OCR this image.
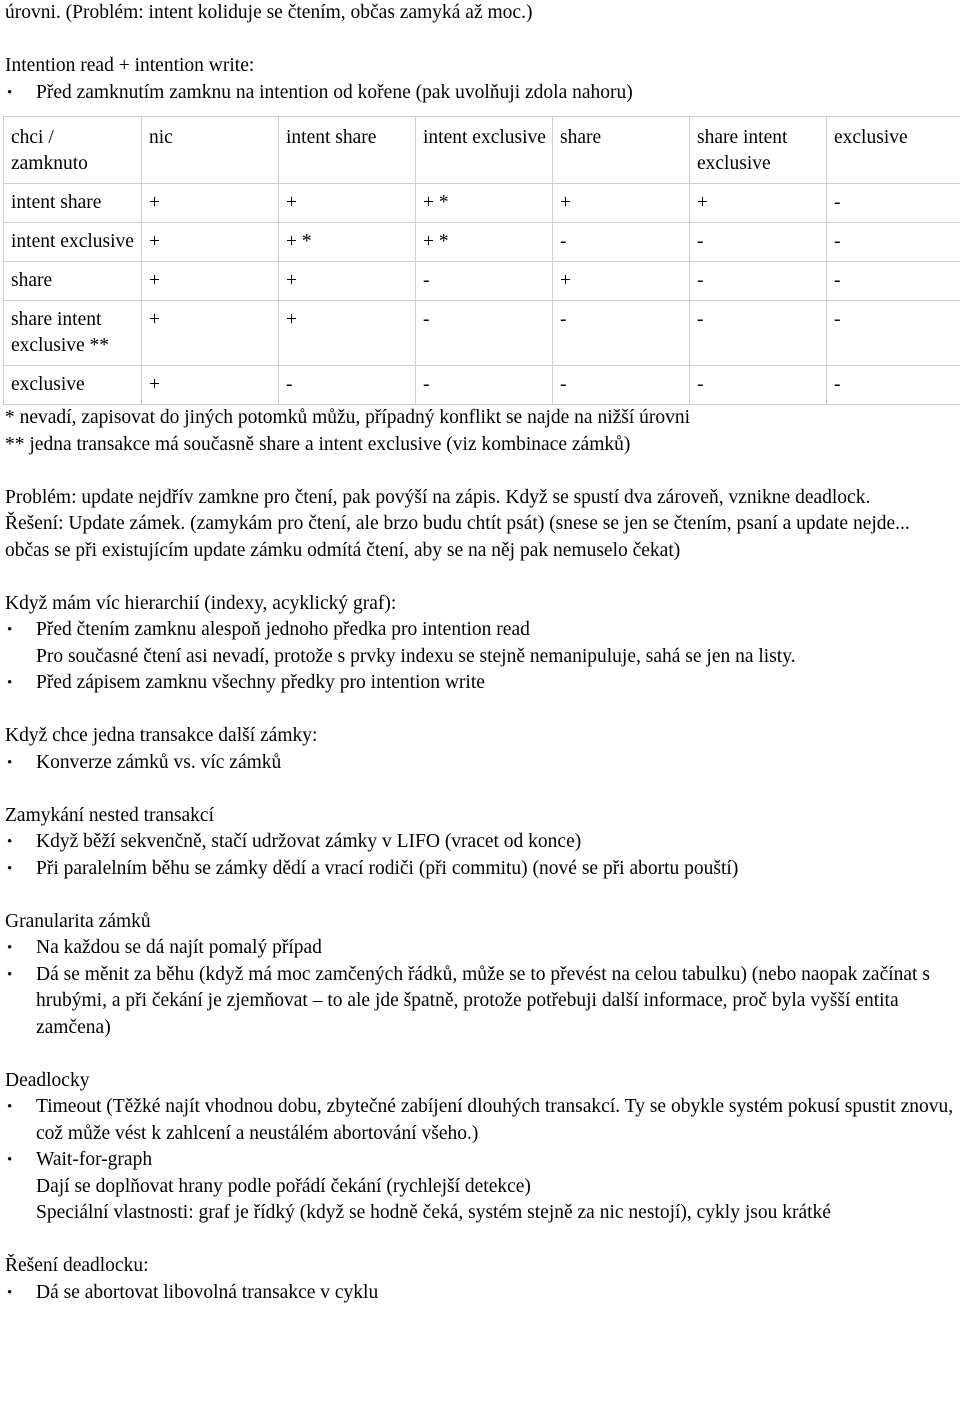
úrovni. (Problém: intent koliduje se čtením, občas zamyká až moc.)

Intention read + intention write:

• Před zamknutím zamknu na intention od kořene (pak uvolňuji zdola nahoru)
chci / zamknuto	nic	intent share	intent exclusive	share	share intent exclusive	exclusive
intent share	+	+	+ *	+	+	-
intent exclusive	+	+ *	+ *	-	-	-
share	+	+	-	+	-	-
share intent exclusive **	+	+	-	-	-	-
exclusive	+	-	-	-	-	-

* nevadí, zapisovat do jiných potomků můžu, případný konflikt se najde na nižší úrovni

** jedna transakce má současně share a intent exclusive (viz kombinace zámků)

Problém: update nejdřív zamkne pro čtení, pak povýší na zápis. Když se spustí dva zároveň, vznikne deadlock.

Řešení: Update zámek. (zamykám pro čtení, ale brzo budu chtít psát) (snese se jen se čtením, psaní a update nejde... občas se při existujícím update zámku odmítá čtení, aby se na něj pak nemuselo čekat)

Když mám víc hierarchií (indexy, acyklický graf):

• Před čtením zamknu alespoň jednoho předka pro intention read
Pro současné čtení asi nevadí, protože s prvky indexu se stejně nemanipuluje, sahá se jen na listy.
• Před zápisem zamknu všechny předky pro intention write

Když chce jedna transakce další zámky:

• Konverze zámků vs. víc zámků

Zamykání nested transakcí

• Když běží sekvenčně, stačí udržovat zámky v LIFO (vracet od konce)
• Při paralelním běhu se zámky dědí a vrací rodiči (při commitu) (nové se při abortu pouští)

Granularita zámků

• Na každou se dá najít pomalý případ
• Dá se měnit za běhu (když má moc zamčených řádků, může se to převést na celou tabulku) (nebo naopak začínat s hrubými, a při čekání je zjemňovat – to ale jde špatně, protože potřebuji další informace, proč byla vyšší entita zamčena)

Deadlocky

• Timeout (Těžké najít vhodnou dobu, zbytečné zabíjení dlouhých transakcí. Ty se obykle systém pokusí spustit znovu, což může vést k zahlcení a neustálém abortování všeho.)
• Wait-for-graph
Dají se doplňovat hrany podle pořádí čekání (rychlejší detekce)
Speciální vlastnosti: graf je řídký (když se hodně čeká, systém stejně za nic nestojí), cykly jsou krátké

Řešení deadlocku:

• Dá se abortovat libovolná transakce v cyklu
